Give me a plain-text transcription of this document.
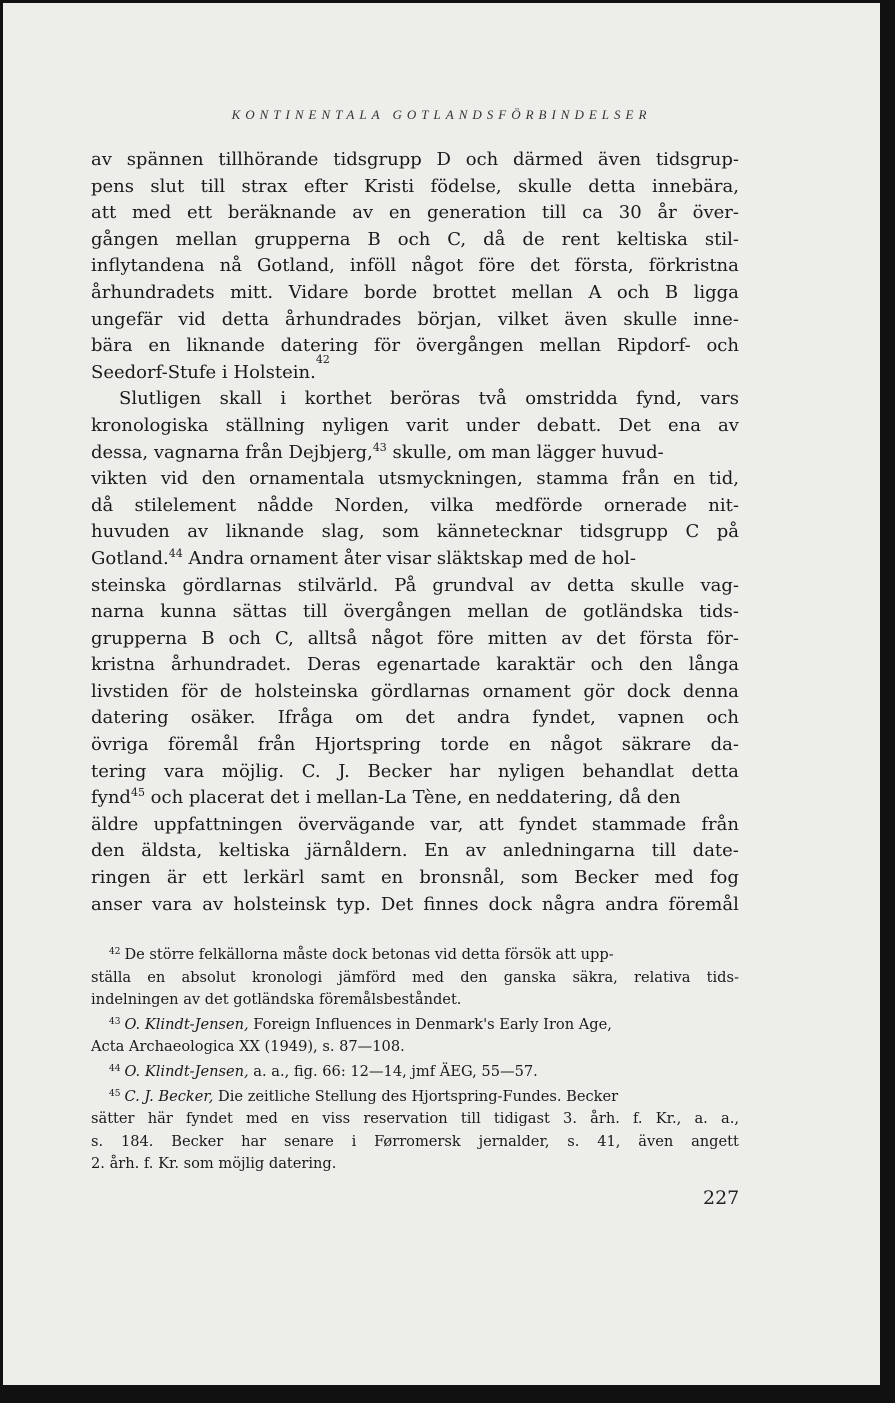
KONTINENTALA GOTLANDSFÖRBINDELSER
av spännen tillhörande tidsgrupp D och därmed även tidsgrup-
pens slut till strax efter Kristi födelse, skulle detta innebära,
att med ett beräknande av en generation till ca 30 år över-
gången mellan grupperna B och C, då de rent keltiska stil-
inflytandena nå Gotland, inföll något före det första, förkristna
århundradets mitt. Vidare borde brottet mellan A och B ligga
ungefär vid detta århundrades början, vilket även skulle inne-
bära en liknande datering för övergången mellan Ripdorf- och
Seedorf-Stufe i Holstein.
42
Slutligen skall i korthet beröras två omstridda fynd, vars
kronologiska ställning nyligen varit under debatt. Det ena av
dessa, vagnarna från Dejbjerg,$^{43}$ skulle, om man lägger huvud-
vikten vid den ornamentala utsmyckningen, stamma från en tid,
då stilelement nådde Norden, vilka medförde ornerade nit-
huvuden av liknande slag, som kännetecknar tidsgrupp C på
Gotland.$^{44}$ Andra ornament åter visar släktskap med de hol-
steinska gördlarnas stilvärld. På grundval av detta skulle vag-
narna kunna sättas till övergången mellan de gotländska tids-
grupperna B och C, alltså något före mitten av det första för-
kristna århundradet. Deras egenartade karaktär och den långa
livstiden för de holsteinska gördlarnas ornament gör dock denna
datering osäker. Ifråga om det andra fyndet, vapnen och
övriga föremål från Hjortspring torde en något säkrare da-
tering vara möjlig. C. J. Becker har nyligen behandlat detta
fynd$^{45}$ och placerat det i mellan-La Tène, en neddatering, då den
äldre uppfattningen övervägande var, att fyndet stammade från
den äldsta, keltiska järnåldern. En av anledningarna till date-
ringen är ett lerkärl samt en bronsnål, som Becker med fog
anser vara av holsteinsk typ. Det finnes dock några andra föremål
$^{42}$ De större felkällorna måste dock betonas vid detta försök att upp-
ställa en absolut kronologi jämförd med den ganska säkra, relativa tids-
indelningen av det gotländska föremålsbeståndet.
$^{43}$ O. Klindt-Jensen, Foreign Influences in Denmark's Early Iron Age,
Acta Archaeologica XX (1949), s. 87—108.
$^{44}$ O. Klindt-Jensen, a. a., fig. 66: 12—14, jmf ÄEG, 55—57.
$^{45}$ C. J. Becker, Die zeitliche Stellung des Hjortspring-Fundes. Becker
sätter här fyndet med en viss reservation till tidigast 3. årh. f. Kr., a. a.,
s. 184. Becker har senare i Førromersk jernalder, s. 41, även angett
2. årh. f. Kr. som möjlig datering.
227
